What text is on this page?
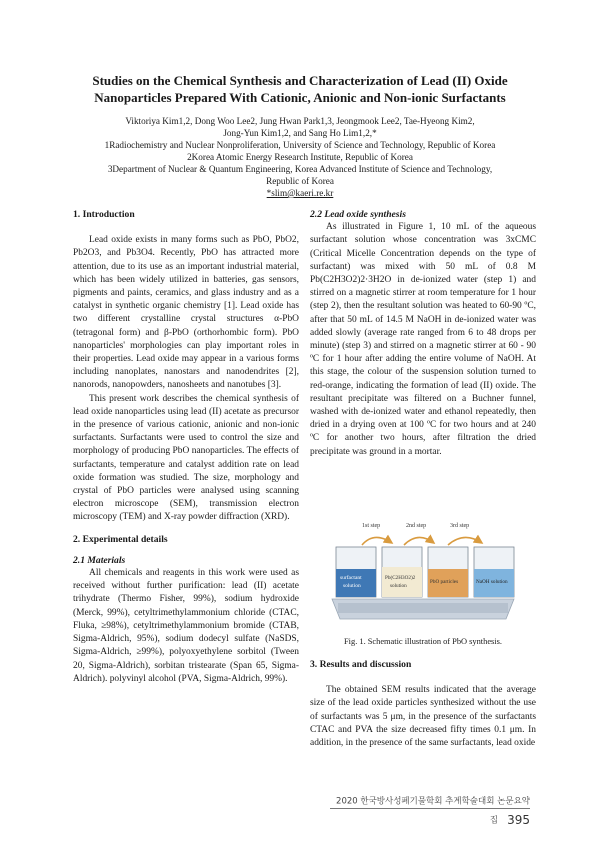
Studies on the Chemical Synthesis and Characterization of Lead (II) Oxide
Nanoparticles Prepared With Cationic, Anionic and Non-ionic Surfactants
Viktoriya Kim1,2, Dong Woo Lee2, Jung Hwan Park1,3, Jeongmook Lee2, Tae-Hyeong Kim2,
Jong-Yun Kim1,2, and Sang Ho Lim1,2,*
1Radiochemistry and Nuclear Nonproliferation, University of Science and Technology, Republic of Korea
2Korea Atomic Energy Research Institute, Republic of Korea
3Department of Nuclear & Quantum Engineering, Korea Advanced Institute of Science and Technology,
Republic of Korea
*slim@kaeri.re.kr

1. Introduction

Lead oxide exists in many forms such as PbO, PbO2, Pb2O3, and Pb3O4. Recently, PbO has attracted more attention, due to its use as an important industrial material, which has been widely utilized in batteries, gas sensors, pigments and paints, ceramics, and glass industry and as a catalyst in synthetic organic chemistry [1]. Lead oxide has two different crystalline crystal structures α-PbO (tetragonal form) and β-PbO (orthorhombic form). PbO nanoparticles' morphologies can play important roles in their properties. Lead oxide may appear in a various forms including nanoplates, nanostars and nanodendrites [2], nanorods, nanopowders, nanosheets and nanotubes [3].

This present work describes the chemical synthesis of lead oxide nanoparticles using lead (II) acetate as precursor in the presence of various cationic, anionic and non-ionic surfactants. Surfactants were used to control the size and morphology of producing PbO nanoparticles. The effects of surfactants, temperature and catalyst addition rate on lead oxide formation was studied. The size, morphology and crystal of PbO particles were analysed using scanning electron microscope (SEM), transmission electron microscopy (TEM) and X-ray powder diffraction (XRD).

2. Experimental details

2.1 Materials

All chemicals and reagents in this work were used as received without further purification: lead (II) acetate trihydrate (Thermo Fisher, 99%), sodium hydroxide (Merck, 99%), cetyltrimethylammonium chloride (CTAC, Fluka, ≥98%), cetyltrimethylammonium bromide (CTAB, Sigma-Aldrich, 95%), sodium dodecyl sulfate (NaSDS, Sigma-Aldrich, ≥99%), polyoxyethylene sorbitol (Tween 20, Sigma-Aldrich), sorbitan tristearate (Span 65, Sigma-Aldrich). polyvinyl alcohol (PVA, Sigma-Aldrich, 99%).

2.2 Lead oxide synthesis

As illustrated in Figure 1, 10 mL of the aqueous surfactant solution whose concentration was 3xCMC (Critical Micelle Concentration depends on the type of surfactant) was mixed with 50 mL of 0.8 M Pb(C2H3O2)2·3H2O in de-ionized water (step 1) and stirred on a magnetic stirrer at room temperature for 1 hour (step 2), then the resultant solution was heated to 60-90 ºC, after that 50 mL of 14.5 M NaOH in de-ionized water was added slowly (average rate ranged from 6 to 48 drops per minute) (step 3) and stirred on a magnetic stirrer at 60 - 90 ºC for 1 hour after adding the entire volume of NaOH. At this stage, the colour of the suspension solution turned to red-orange, indicating the formation of lead (II) oxide. The resultant precipitate was filtered on a Buchner funnel, washed with de-ionized water and ethanol repeatedly, then dried in a drying oven at 100 ºC for two hours and at 240 ºC for another two hours, after filtration the dried precipitate was ground in a mortar.

1st step	2nd step	3rd step
surfactant
solution
Pb(C2H3O2)2
solution
PbO particles	NaOH solution
Fig. 1. Schematic illustration of PbO synthesis.

3. Results and discussion

The obtained SEM results indicated that the average size of the lead oxide particles synthesized without the use of surfactants was 5 μm, in the presence of the surfactants CTAC and PVA the size decreased fifty times 0.1 μm. In addition, in the presence of the same surfactants, lead oxide

2020 한국방사성폐기물학회 추계학술대회 논문요약집 395
